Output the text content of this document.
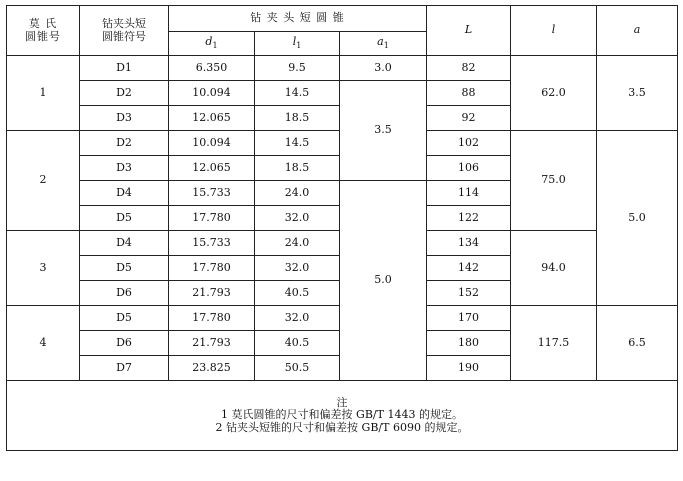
莫 氏
圆锥号	钻夹头短
圆锥符号	钻 夹 头 短 圆 锥			L	l	a
		$d_1$	$l_1$	$a_1$
1	D1	6.350	9.5	3.0	82	62.0	3.5
	D2	10.094	14.5	3.5	88		
	D3	12.065	18.5		92		
2	D2	10.094	14.5		102	75.0	5.0
	D3	12.065	18.5		106		
	D4	15.733	24.0	5.0	114		
	D5	17.780	32.0		122		
3	D4	15.733	24.0		134	94.0	
	D5	17.780	32.0		142		
	D6	21.793	40.5		152		
4	D5	17.780	32.0		170	117.5	6.5
	D6	21.793	40.5		180		
	D7	23.825	50.5		190		

注
1 莫氏圆锥的尺寸和偏差按 GB/T 1443 的规定。
2 钻夹头短锥的尺寸和偏差按 GB/T 6090 的规定。							
